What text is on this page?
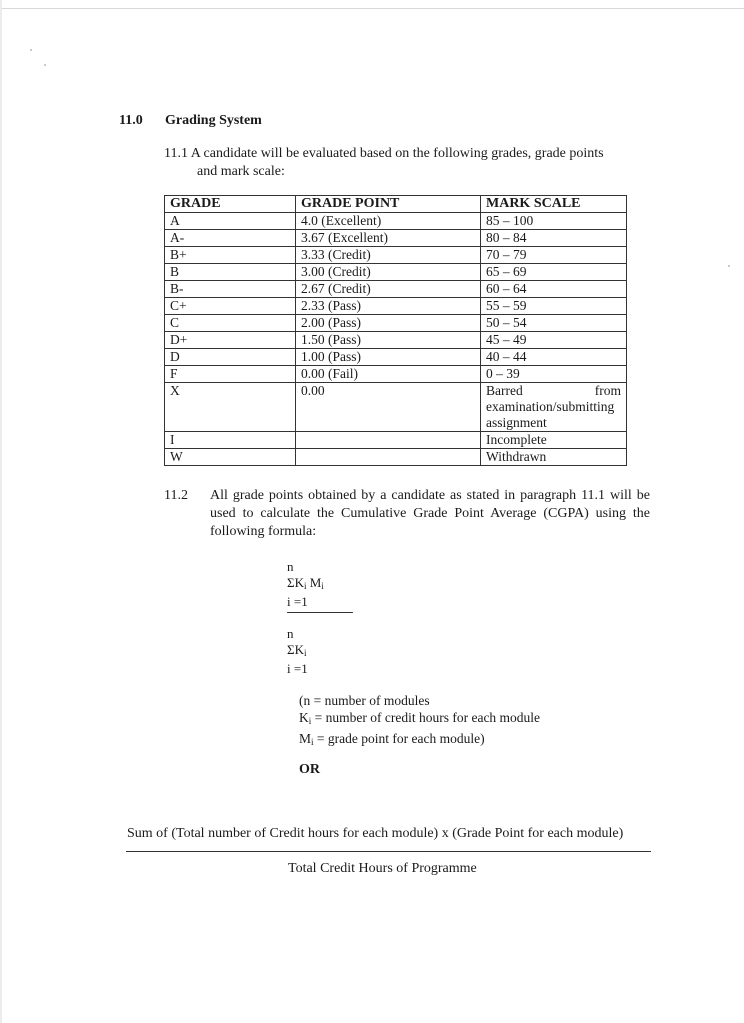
11.0 Grading System
11.1 A candidate will be evaluated based on the following grades, grade points
and mark scale:
GRADE	GRADE POINT	MARK SCALE
A	4.0 (Excellent)	85 – 100
A-	3.67 (Excellent)	80 – 84
B+	3.33 (Credit)	70 – 79
B	3.00 (Credit)	65 – 69
B-	2.67 (Credit)	60 – 64
C+	2.33 (Pass)	55 – 59
C	2.00 (Pass)	50 – 54
D+	1.50 (Pass)	45 – 49
D	1.00 (Pass)	40 – 44
F	0.00 (Fail)	0 – 39
X	0.00	Barred from
examination/submitting
assignment

I		Incomplete
W		Withdrawn
11.2 All grade points obtained by a candidate as stated in paragraph 11.1 will be used to calculate the Cumulative Grade Point Average (CGPA) using the following formula:
n
$\Sigma K_i$ $M_i$
i =1
n
$\Sigma K_i$
i =1
(n = number of modules
$K_i$ = number of credit hours for each module
$M_i$ = grade point for each module)
OR
Sum of (Total number of Credit hours for each module) x (Grade Point for each module)
Total Credit Hours of Programme
